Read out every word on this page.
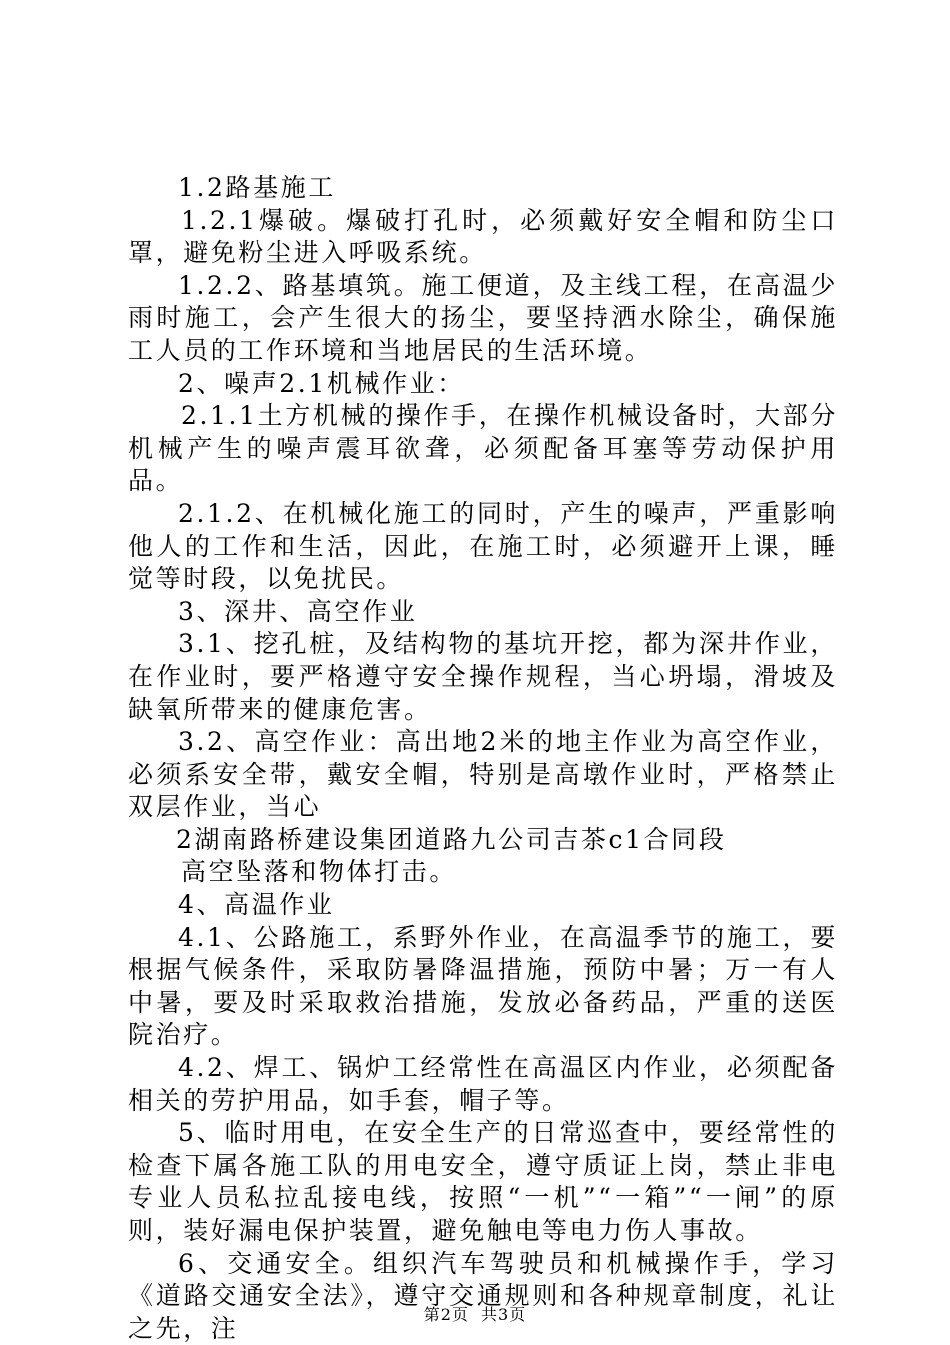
1.2路基施工

1.2.1爆破。爆破打孔时，必须戴好安全帽和防尘口罩，避免粉尘进入呼吸系统。

1.2.2、路基填筑。施工便道，及主线工程，在高温少雨时施工，会产生很大的扬尘，要坚持洒水除尘，确保施工人员的工作环境和当地居民的生活环境。

2、噪声2.1机械作业：

2.1.1土方机械的操作手，在操作机械设备时，大部分机械产生的噪声震耳欲聋，必须配备耳塞等劳动保护用品。

2.1.2、在机械化施工的同时，产生的噪声，严重影响他人的工作和生活，因此，在施工时，必须避开上课，睡觉等时段，以免扰民。

3、深井、高空作业

3.1、挖孔桩，及结构物的基坑开挖，都为深井作业，在作业时，要严格遵守安全操作规程，当心坍塌，滑坡及缺氧所带来的健康危害。

3.2、高空作业：高出地2米的地主作业为高空作业，必须系安全带，戴安全帽，特别是高墩作业时，严格禁止双层作业，当心

2湖南路桥建设集团道路九公司吉茶c1合同段

高空坠落和物体打击。

4、高温作业

4.1、公路施工，系野外作业，在高温季节的施工，要根据气候条件，采取防暑降温措施，预防中暑；万一有人中暑，要及时采取救治措施，发放必备药品，严重的送医院治疗。

4.2、焊工、锅炉工经常性在高温区内作业，必须配备相关的劳护用品，如手套，帽子等。

5、临时用电，在安全生产的日常巡查中，要经常性的检查下属各施工队的用电安全，遵守质证上岗，禁止非电专业人员私拉乱接电线，按照“一机”“一箱”“一闸”的原则，装好漏电保护装置，避免触电等电力伤人事故。

6、交通安全。组织汽车驾驶员和机械操作手，学习《道路交通安全法》，遵守交通规则和各种规章制度，礼让之先，注	第2页 共3页
